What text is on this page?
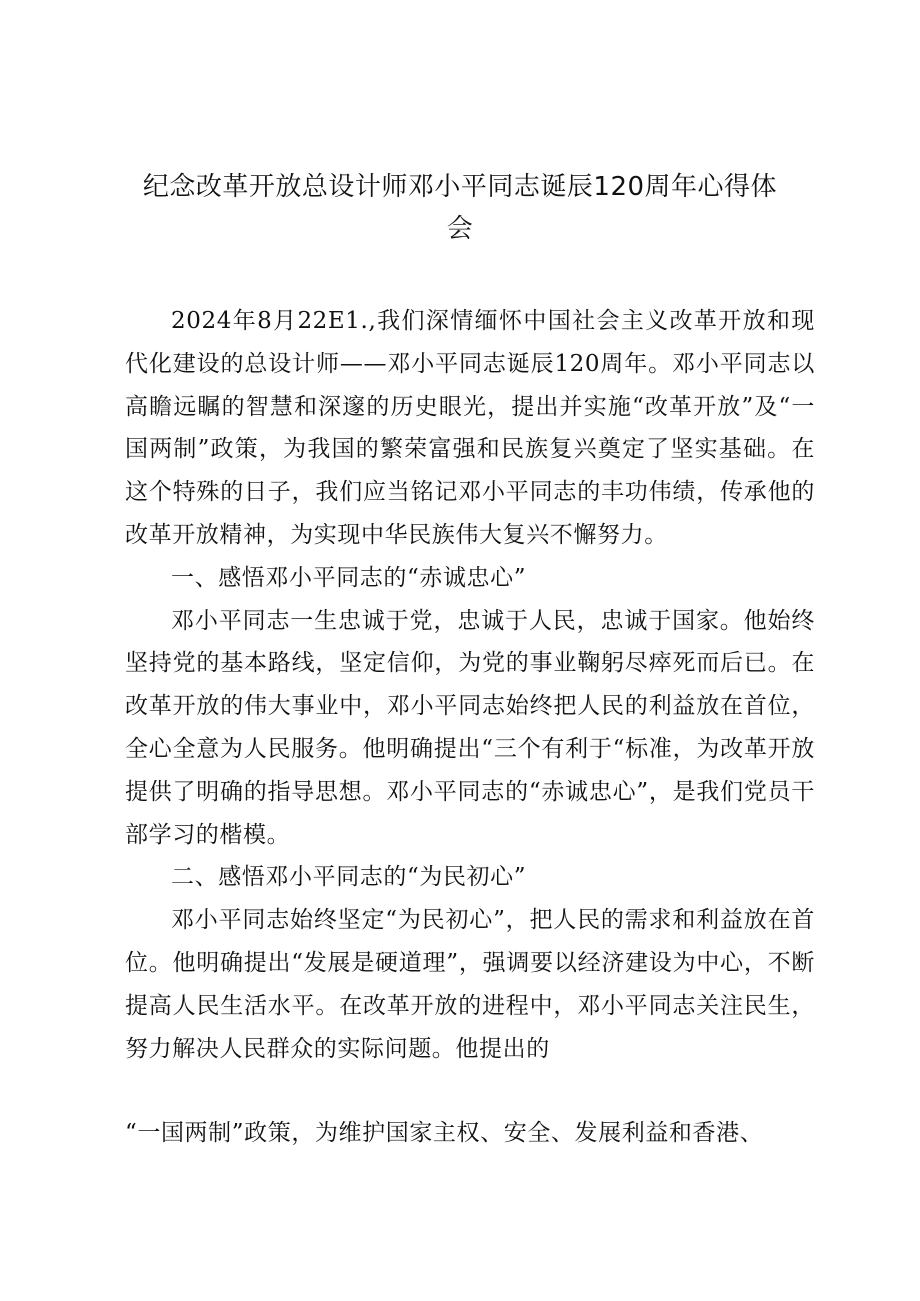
纪念改革开放总设计师邓小平同志诞辰120周年心得体会

2024年8月22E1.,我们深情缅怀中国社会主义改革开放和现代化建设的总设计师——邓小平同志诞辰120周年。邓小平同志以高瞻远瞩的智慧和深邃的历史眼光，提出并实施“改革开放”及“一国两制”政策，为我国的繁荣富强和民族复兴奠定了坚实基础。在这个特殊的日子，我们应当铭记邓小平同志的丰功伟绩，传承他的改革开放精神，为实现中华民族伟大复兴不懈努力。

一、感悟邓小平同志的“赤诚忠心”

邓小平同志一生忠诚于党，忠诚于人民，忠诚于国家。他始终坚持党的基本路线，坚定信仰，为党的事业鞠躬尽瘁死而后已。在改革开放的伟大事业中，邓小平同志始终把人民的利益放在首位，全心全意为人民服务。他明确提出“三个有利于“标准，为改革开放提供了明确的指导思想。邓小平同志的“赤诚忠心”，是我们党员干部学习的楷模。

二、感悟邓小平同志的“为民初心”

邓小平同志始终坚定“为民初心”，把人民的需求和利益放在首位。他明确提出“发展是硬道理”，强调要以经济建设为中心，不断提高人民生活水平。在改革开放的进程中，邓小平同志关注民生，努力解决人民群众的实际问题。他提出的

“一国两制”政策，为维护国家主权、安全、发展利益和香港、
